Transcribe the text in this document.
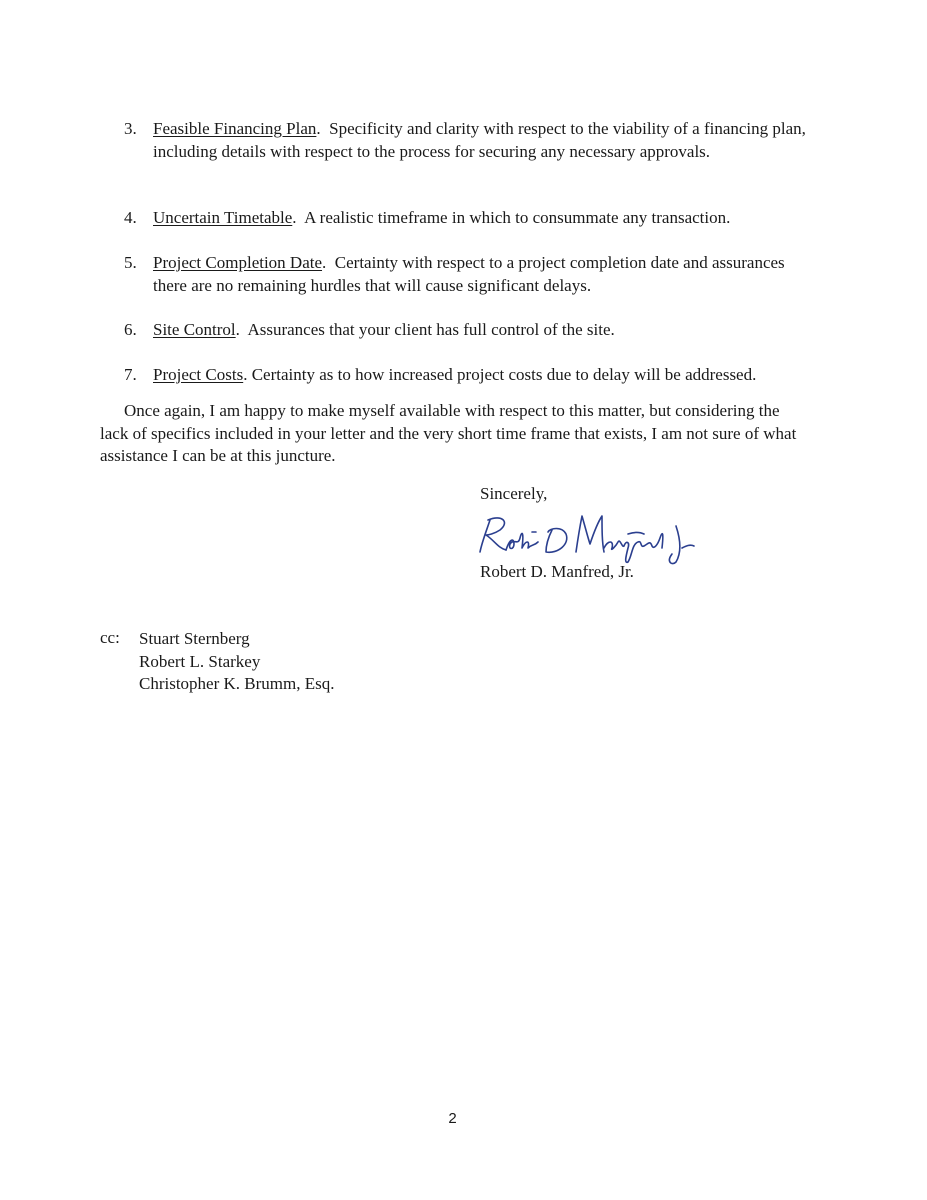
3. Feasible Financing Plan.  Specificity and clarity with respect to the viability of a financing plan, including details with respect to the process for securing any necessary approvals.
4. Uncertain Timetable.  A realistic timeframe in which to consummate any transaction.
5. Project Completion Date.  Certainty with respect to a project completion date and assurances there are no remaining hurdles that will cause significant delays.
6. Site Control.  Assurances that your client has full control of the site.
7. Project Costs. Certainty as to how increased project costs due to delay will be addressed.
Once again, I am happy to make myself available with respect to this matter, but considering the lack of specifics included in your letter and the very short time frame that exists, I am not sure of what assistance I can be at this juncture.
Sincerely,
Robert D. Manfred, Jr.
cc: Stuart Sternberg
Robert L. Starkey
Christopher K. Brumm, Esq.
2
